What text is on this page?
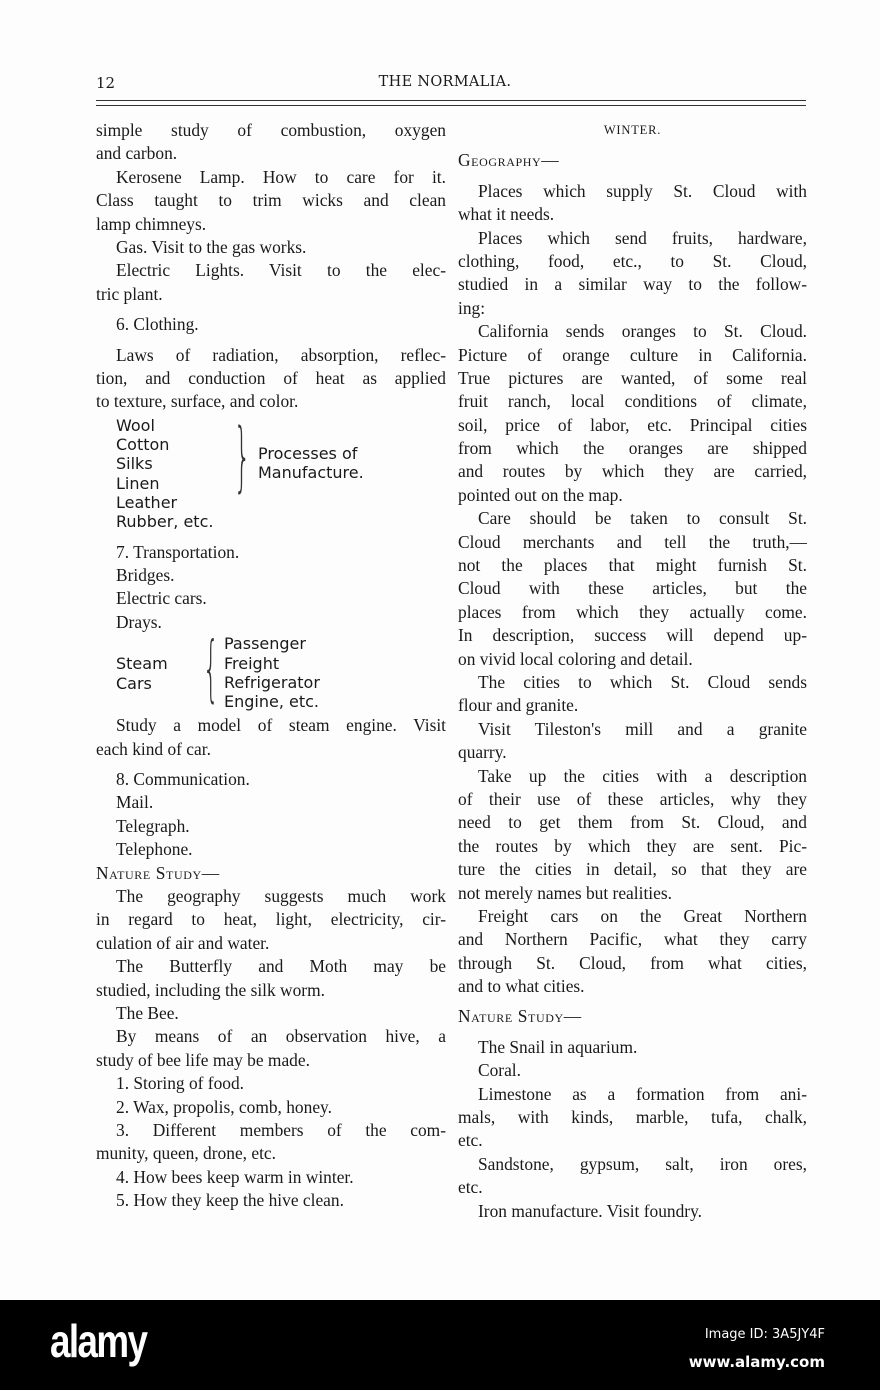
12	THE NORMALIA.
simple study of combustion, oxygen
and carbon.
Kerosene Lamp. How to care for it.
Class taught to trim wicks and clean
lamp chimneys.
Gas. Visit to the gas works.
Electric Lights. Visit to the elec-
tric plant.
6. Clothing.
Laws of radiation, absorption, reflec-
tion, and conduction of heat as applied
to texture, surface, and color.
Wool
Cotton
Silks
Linen
Leather
Rubber, etc.
} Processes of
Manufacture.
7. Transportation.
Bridges.
Electric cars.
Drays.
Steam
Cars { Passenger
Freight
Refrigerator
Engine, etc.
Study a model of steam engine. Visit
each kind of car.
8. Communication.
Mail.
Telegraph.
Telephone.
Nature Study—
The geography suggests much work
in regard to heat, light, electricity, cir-
culation of air and water.
The Butterfly and Moth may be
studied, including the silk worm.
The Bee.
By means of an observation hive, a
study of bee life may be made.
1. Storing of food.
2. Wax, propolis, comb, honey.
3. Different members of the com-
munity, queen, drone, etc.
4. How bees keep warm in winter.
5. How they keep the hive clean.
WINTER.
Geography—
Places which supply St. Cloud with
what it needs.
Places which send fruits, hardware,
clothing, food, etc., to St. Cloud,
studied in a similar way to the follow-
ing:
California sends oranges to St. Cloud.
Picture of orange culture in California.
True pictures are wanted, of some real
fruit ranch, local conditions of climate,
soil, price of labor, etc. Principal cities
from which the oranges are shipped
and routes by which they are carried,
pointed out on the map.
Care should be taken to consult St.
Cloud merchants and tell the truth,—
not the places that might furnish St.
Cloud with these articles, but the
places from which they actually come.
In description, success will depend up-
on vivid local coloring and detail.
The cities to which St. Cloud sends
flour and granite.
Visit Tileston's mill and a granite
quarry.
Take up the cities with a description
of their use of these articles, why they
need to get them from St. Cloud, and
the routes by which they are sent. Pic-
ture the cities in detail, so that they are
not merely names but realities.
Freight cars on the Great Northern
and Northern Pacific, what they carry
through St. Cloud, from what cities,
and to what cities.
Nature Study—
The Snail in aquarium.
Coral.
Limestone as a formation from ani-
mals, with kinds, marble, tufa, chalk,
etc.
Sandstone, gypsum, salt, iron ores,
etc.
Iron manufacture. Visit foundry.
alamy	Image ID: 3A5JY4F
www.alamy.com
